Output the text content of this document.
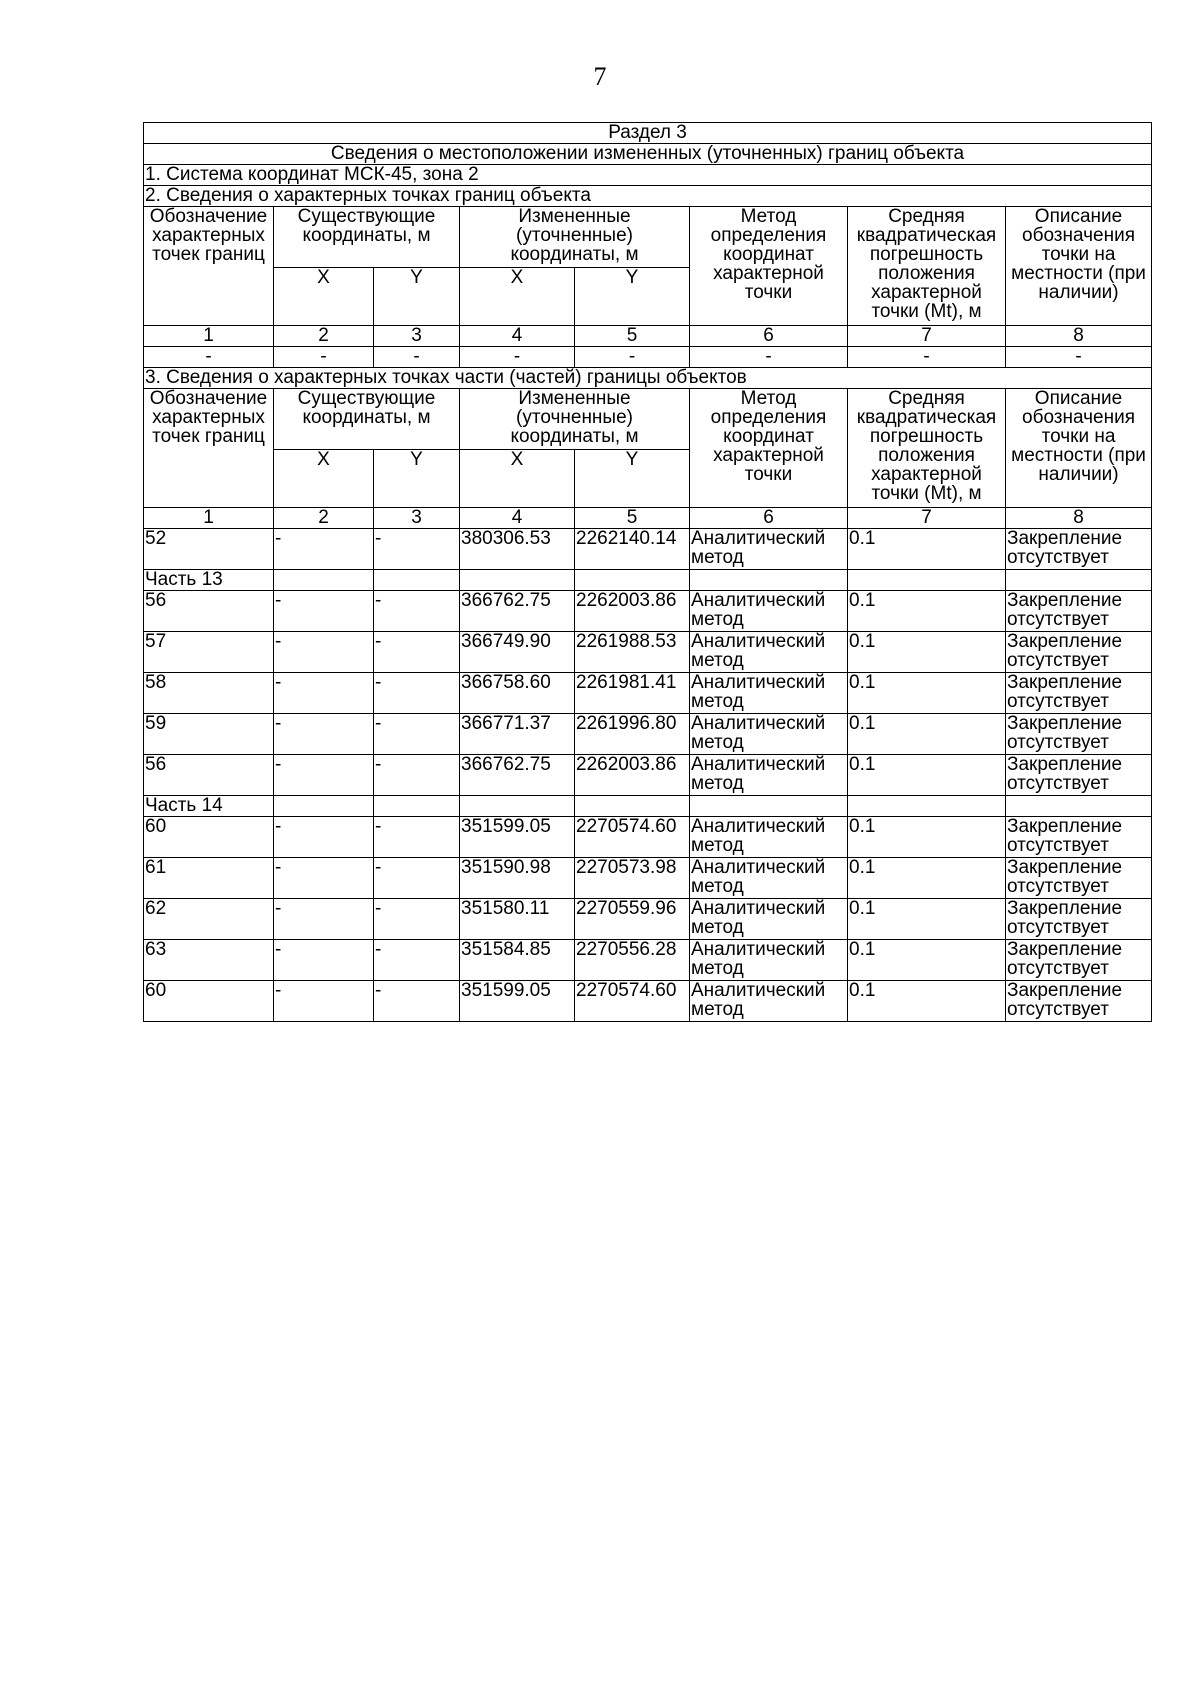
7
Раздел 3							
Сведения о местоположении измененных (уточненных) границ объекта							
1. Система координат МСК-45, зона 2							
2. Сведения о характерных точках границ объекта							
Обозначение характерных точек границ	Существующие координаты, м		Измененные (уточненные) координаты, м		Метод определения координат характерной точки	Средняя квадратическая погрешность положения характерной точки (Mt), м	Описание обозначения точки на местности (при наличии)
	X	Y	X	Y			
1	2	3	4	5	6	7	8
-	-	-	-	-	-	-	-
3. Сведения о характерных точках части (частей) границы объектов							
Обозначение характерных точек границ	Существующие координаты, м		Измененные (уточненные) координаты, м		Метод определения координат характерной точки	Средняя квадратическая погрешность положения характерной точки (Mt), м	Описание обозначения точки на местности (при наличии)
	X	Y	X	Y			
1	2	3	4	5	6	7	8
52	-	-	380306.53	2262140.14	Аналитический метод	0.1	Закрепление отсутствует
Часть 13							
56	-	-	366762.75	2262003.86	Аналитический метод	0.1	Закрепление отсутствует
57	-	-	366749.90	2261988.53	Аналитический метод	0.1	Закрепление отсутствует
58	-	-	366758.60	2261981.41	Аналитический метод	0.1	Закрепление отсутствует
59	-	-	366771.37	2261996.80	Аналитический метод	0.1	Закрепление отсутствует
56	-	-	366762.75	2262003.86	Аналитический метод	0.1	Закрепление отсутствует
Часть 14							
60	-	-	351599.05	2270574.60	Аналитический метод	0.1	Закрепление отсутствует
61	-	-	351590.98	2270573.98	Аналитический метод	0.1	Закрепление отсутствует
62	-	-	351580.11	2270559.96	Аналитический метод	0.1	Закрепление отсутствует
63	-	-	351584.85	2270556.28	Аналитический метод	0.1	Закрепление отсутствует
60	-	-	351599.05	2270574.60	Аналитический метод	0.1	Закрепление отсутствует
